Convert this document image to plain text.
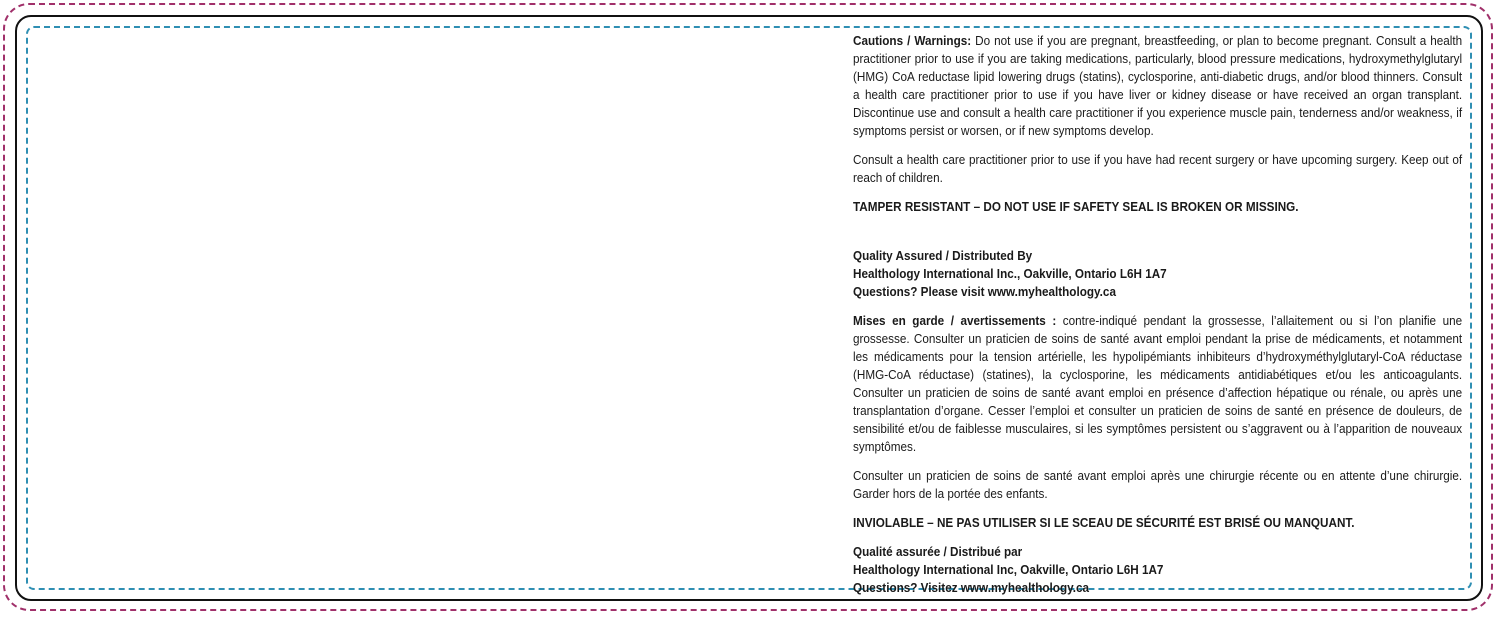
Cautions / Warnings: Do not use if you are pregnant, breastfeeding, or plan to become pregnant. Consult a health practitioner prior to use if you are taking medications, particularly, blood pressure medications, hydroxymethylglutaryl (HMG) CoA reductase lipid lowering drugs (statins), cyclosporine, anti-diabetic drugs, and/or blood thinners. Consult a health care practitioner prior to use if you have liver or kidney disease or have received an organ transplant. Discontinue use and consult a health care practitioner if you experience muscle pain, tenderness and/or weakness, if symptoms persist or worsen, or if new symptoms develop.

Consult a health care practitioner prior to use if you have had recent surgery or have upcoming surgery. Keep out of reach of children.

TAMPER RESISTANT – DO NOT USE IF SAFETY SEAL IS BROKEN OR MISSING.

Quality Assured / Distributed By
Healthology International Inc., Oakville, Ontario L6H 1A7
Questions? Please visit www.myhealthology.ca

Mises en garde / avertissements : contre-indiqué pendant la grossesse, l’allaitement ou si l’on planifie une grossesse. Consulter un praticien de soins de santé avant emploi pendant la prise de médicaments, et notamment les médicaments pour la tension artérielle, les hypolipémiants inhibiteurs d’hydroxyméthylglutaryl-CoA réductase (HMG-CoA réductase) (statines), la cyclosporine, les médicaments antidiabétiques et/ou les anticoagulants. Consulter un praticien de soins de santé avant emploi en présence d’affection hépatique ou rénale, ou après une transplantation d’organe. Cesser l’emploi et consulter un praticien de soins de santé en présence de douleurs, de sensibilité et/ou de faiblesse musculaires, si les symptômes persistent ou s’aggravent ou à l’apparition de nouveaux symptômes.

Consulter un praticien de soins de santé avant emploi après une chirurgie récente ou en attente d’une chirurgie. Garder hors de la portée des enfants.

INVIOLABLE – NE PAS UTILISER SI LE SCEAU DE SÉCURITÉ EST BRISÉ OU MANQUANT.

Qualité assurée / Distribué par
Healthology International Inc, Oakville, Ontario L6H 1A7
Questions? Visitez www.myhealthology.ca
